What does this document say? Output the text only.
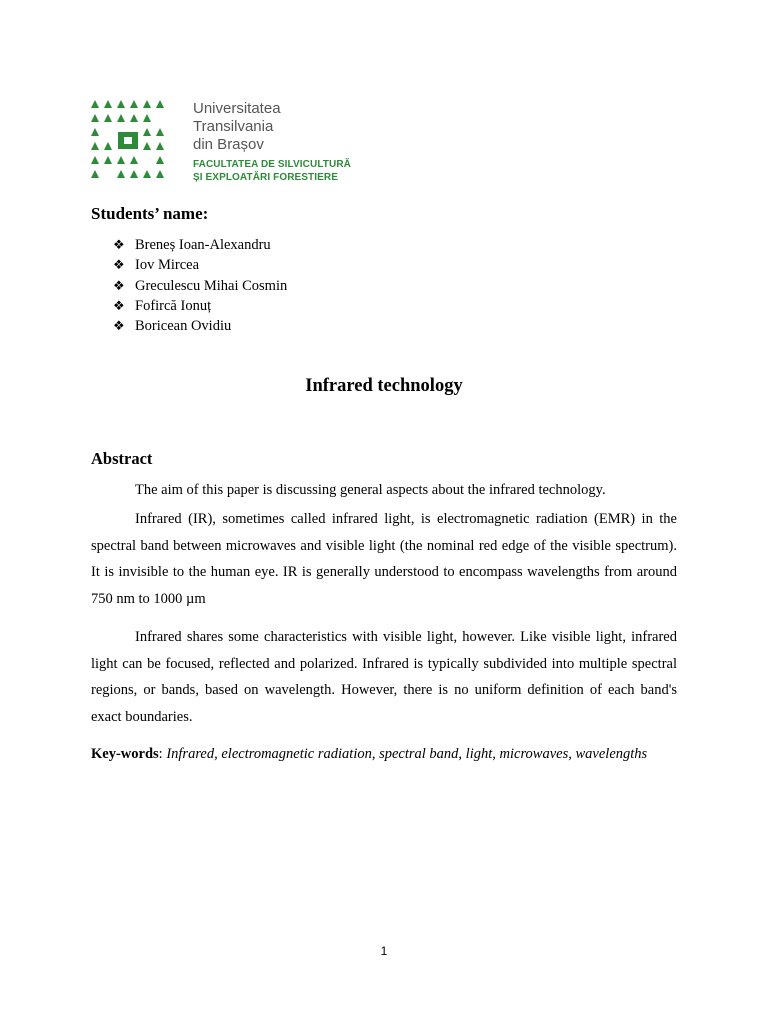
Universitatea
Transilvania
din Brașov
FACULTATEA DE SILVICULTURĂ
ȘI EXPLOATĂRI FORESTIERE
Students’ name:
❖ Breneș Ioan-Alexandru
❖ Iov Mircea
❖ Greculescu Mihai Cosmin
❖ Fofircă Ionuț
❖ Boricean Ovidiu
Infrared technology
Abstract

The aim of this paper is discussing general aspects about the infrared technology.

Infrared (IR), sometimes called infrared light, is electromagnetic radiation (EMR) in the spectral band between microwaves and visible light (the nominal red edge of the visible spectrum). It is invisible to the human eye. IR is generally understood to encompass wavelengths from around 750 nm to 1000 µm

Infrared shares some characteristics with visible light, however. Like visible light, infrared light can be focused, reflected and polarized. Infrared is typically subdivided into multiple spectral regions, or bands, based on wavelength. However, there is no uniform definition of each band's exact boundaries.

Key-words: Infrared, electromagnetic radiation, spectral band, light, microwaves, wavelengths

1
